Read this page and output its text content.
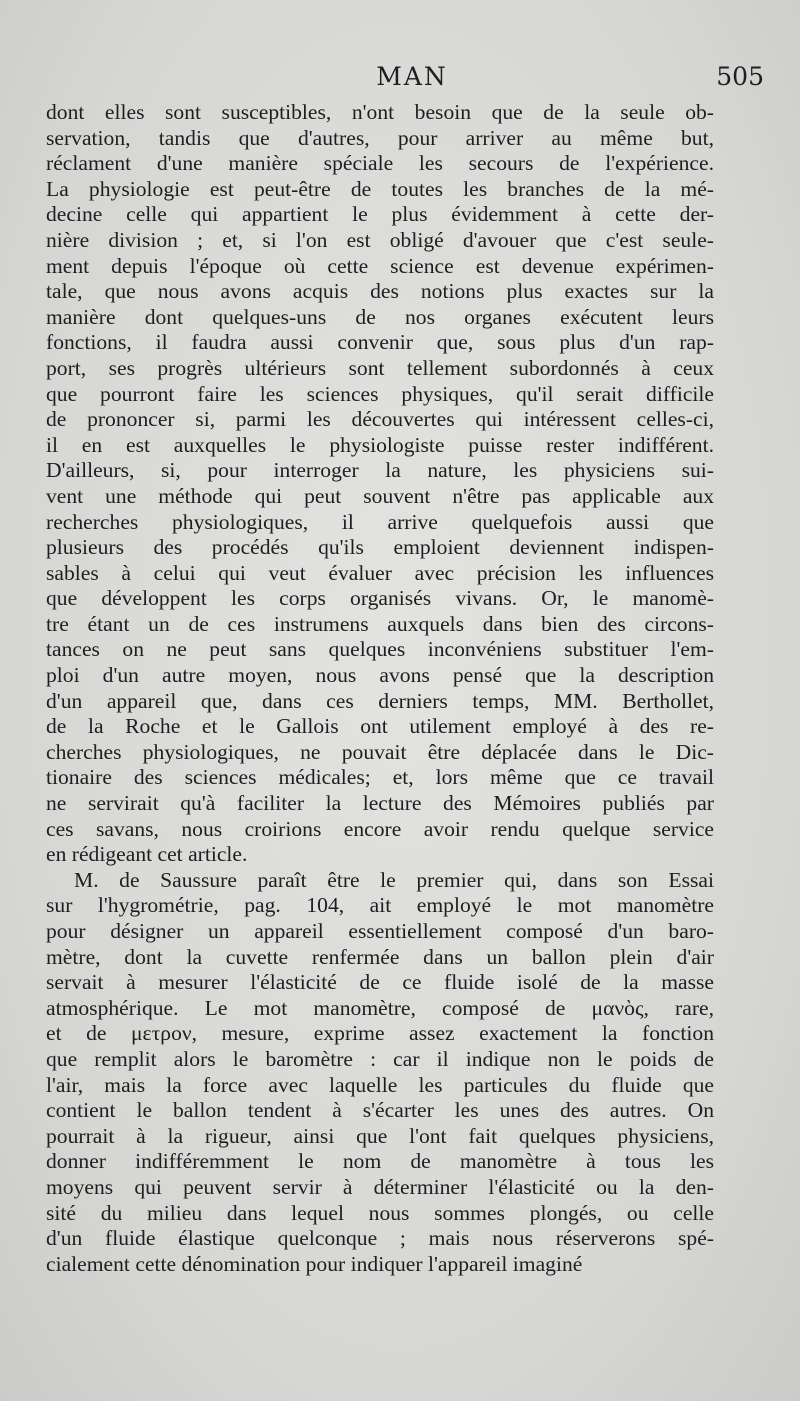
MAN	505
dont elles sont susceptibles, n'ont besoin que de la seule ob-
servation, tandis que d'autres, pour arriver au même but,
réclament d'une manière spéciale les secours de l'expérience.
La physiologie est peut-être de toutes les branches de la mé-
decine celle qui appartient le plus évidemment à cette der-
nière division ; et, si l'on est obligé d'avouer que c'est seule-
ment depuis l'époque où cette science est devenue expérimen-
tale, que nous avons acquis des notions plus exactes sur la
manière dont quelques-uns de nos organes exécutent leurs
fonctions, il faudra aussi convenir que, sous plus d'un rap-
port, ses progrès ultérieurs sont tellement subordonnés à ceux
que pourront faire les sciences physiques, qu'il serait difficile
de prononcer si, parmi les découvertes qui intéressent celles-ci,
il en est auxquelles le physiologiste puisse rester indifférent.
D'ailleurs, si, pour interroger la nature, les physiciens sui-
vent une méthode qui peut souvent n'être pas applicable aux
recherches physiologiques, il arrive quelquefois aussi que
plusieurs des procédés qu'ils emploient deviennent indispen-
sables à celui qui veut évaluer avec précision les influences
que développent les corps organisés vivans. Or, le manomè-
tre étant un de ces instrumens auxquels dans bien des circons-
tances on ne peut sans quelques inconvéniens substituer l'em-
ploi d'un autre moyen, nous avons pensé que la description
d'un appareil que, dans ces derniers temps, MM. Berthollet,
de la Roche et le Gallois ont utilement employé à des re-
cherches physiologiques, ne pouvait être déplacée dans le Dic-
tionaire des sciences médicales; et, lors même que ce travail
ne servirait qu'à faciliter la lecture des Mémoires publiés par
ces savans, nous croirions encore avoir rendu quelque service
en rédigeant cet article.
M. de Saussure paraît être le premier qui, dans son Essai
sur l'hygrométrie, pag. 104, ait employé le mot manomètre
pour désigner un appareil essentiellement composé d'un baro-
mètre, dont la cuvette renfermée dans un ballon plein d'air
servait à mesurer l'élasticité de ce fluide isolé de la masse
atmosphérique. Le mot manomètre, composé de μανὸς, rare,
et de μετρον, mesure, exprime assez exactement la fonction
que remplit alors le baromètre : car il indique non le poids de
l'air, mais la force avec laquelle les particules du fluide que
contient le ballon tendent à s'écarter les unes des autres. On
pourrait à la rigueur, ainsi que l'ont fait quelques physiciens,
donner indifféremment le nom de manomètre à tous les
moyens qui peuvent servir à déterminer l'élasticité ou la den-
sité du milieu dans lequel nous sommes plongés, ou celle
d'un fluide élastique quelconque ; mais nous réserverons spé-
cialement cette dénomination pour indiquer l'appareil imaginé
